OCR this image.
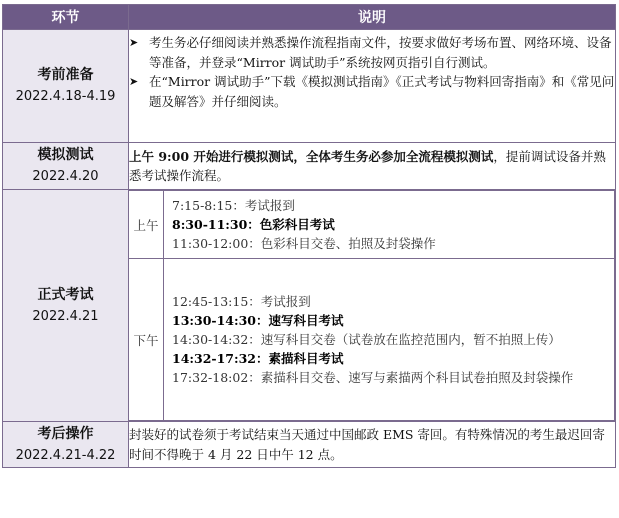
环节	说明

考前准备
2022.4.18-4.19

➤ 考生务必仔细阅读并熟悉操作流程指南文件，按要求做好考场布置、网络环境、设备等准备，并登录“Mirror 调试助手”系统按网页指引自行测试。
➤ 在“Mirror 调试助手”下载《模拟测试指南》《正式考试与物料回寄指南》和《常见问题及解答》并仔细阅读。

模拟测试
2022.4.20
	上午 9:00 开始进行模拟测试，全体考生务必参加全流程模拟测试，提前调试设备并熟悉考试操作流程。

正式考试
2022.4.21

上午	
7:15-8:15：考试报到
8:30-11:30：色彩科目考试
11:30-12:00：色彩科目交卷、拍照及封袋操作

下午	
12:45-13:15：考试报到
13:30-14:30：速写科目考试
14:30-14:32：速写科目交卷（试卷放在监控范围内，暂不拍照上传）
14:32-17:32：素描科目考试
17:32-18:02：素描科目交卷、速写与素描两个科目试卷拍照及封袋操作

考后操作
2022.4.21-4.22
	封装好的试卷须于考试结束当天通过中国邮政 EMS 寄回。有特殊情况的考生最迟回寄时间不得晚于 4 月 22 日中午 12 点。
